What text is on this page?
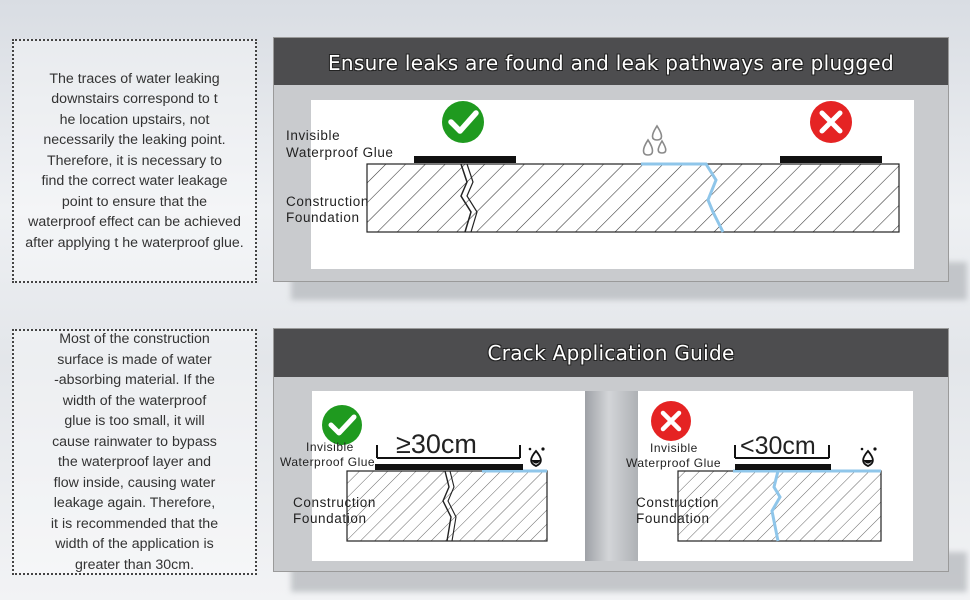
The traces of water leaking
downstairs correspond to t
he location upstairs, not
necessarily the leaking point.
Therefore, it is necessary to
find the correct water leakage
point to ensure that the
waterproof effect can be achieved
after applying t he waterproof glue.
Most of the construction
surface is made of water
-absorbing material. If the
width of the waterproof
glue is too small, it will
cause rainwater to bypass
the waterproof layer and
flow inside, causing water
leakage again. Therefore,
it is recommended that the
width of the application is
greater than 30cm.
Ensure leaks are found and leak pathways are plugged
Invisible
Waterproof Glue
Construction
Foundation
Crack Application Guide
≥30cm
Invisible
Waterproof Glue
Construction
Foundation
<30cm
Invisible
Waterproof Glue
Construction
Foundation
